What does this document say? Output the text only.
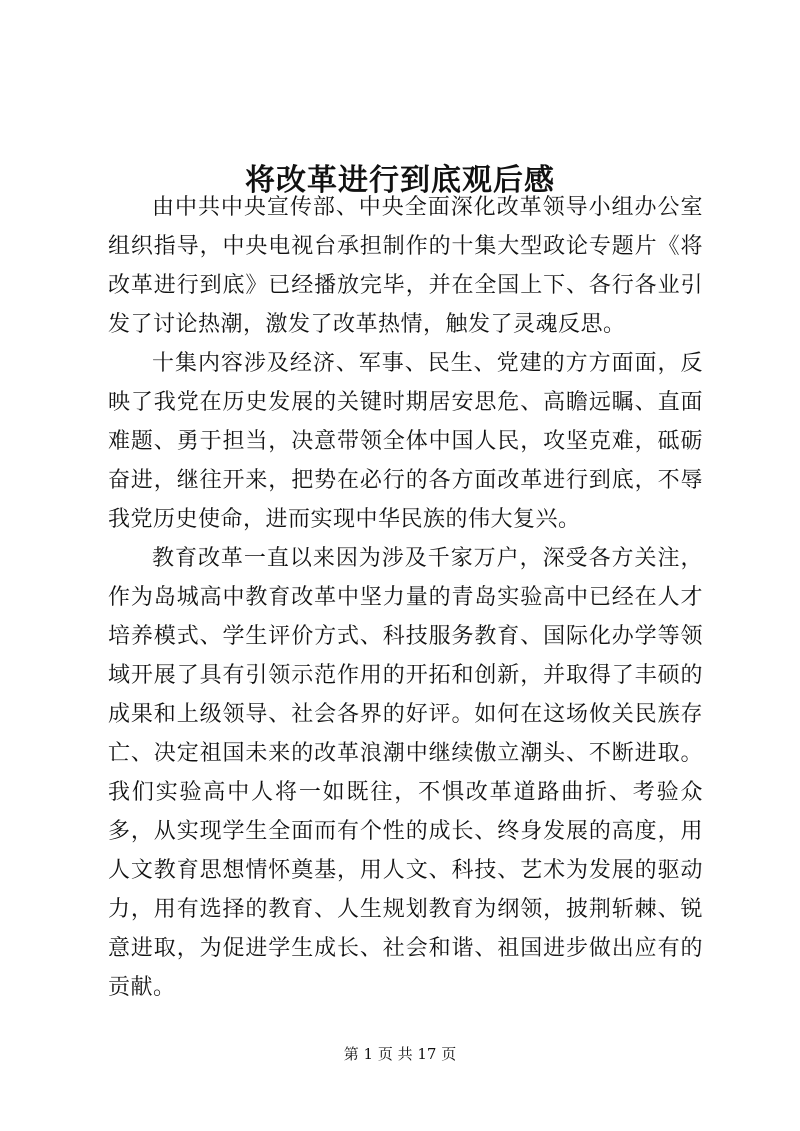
将改革进行到底观后感

由中共中央宣传部、中央全面深化改革领导小组办公室组织指导，中央电视台承担制作的十集大型政论专题片《将改革进行到底》已经播放完毕，并在全国上下、各行各业引发了讨论热潮，激发了改革热情，触发了灵魂反思。

十集内容涉及经济、军事、民生、党建的方方面面，反映了我党在历史发展的关键时期居安思危、高瞻远瞩、直面难题、勇于担当，决意带领全体中国人民，攻坚克难，砥砺奋进，继往开来，把势在必行的各方面改革进行到底，不辱我党历史使命，进而实现中华民族的伟大复兴。

教育改革一直以来因为涉及千家万户，深受各方关注，作为岛城高中教育改革中坚力量的青岛实验高中已经在人才培养模式、学生评价方式、科技服务教育、国际化办学等领域开展了具有引领示范作用的开拓和创新，并取得了丰硕的成果和上级领导、社会各界的好评。如何在这场攸关民族存亡、决定祖国未来的改革浪潮中继续傲立潮头、不断进取。我们实验高中人将一如既往，不惧改革道路曲折、考验众多，从实现学生全面而有个性的成长、终身发展的高度，用人文教育思想情怀奠基，用人文、科技、艺术为发展的驱动力，用有选择的教育、人生规划教育为纲领，披荆斩棘、锐意进取，为促进学生成长、社会和谐、祖国进步做出应有的贡献。

第 1 页 共 17 页
